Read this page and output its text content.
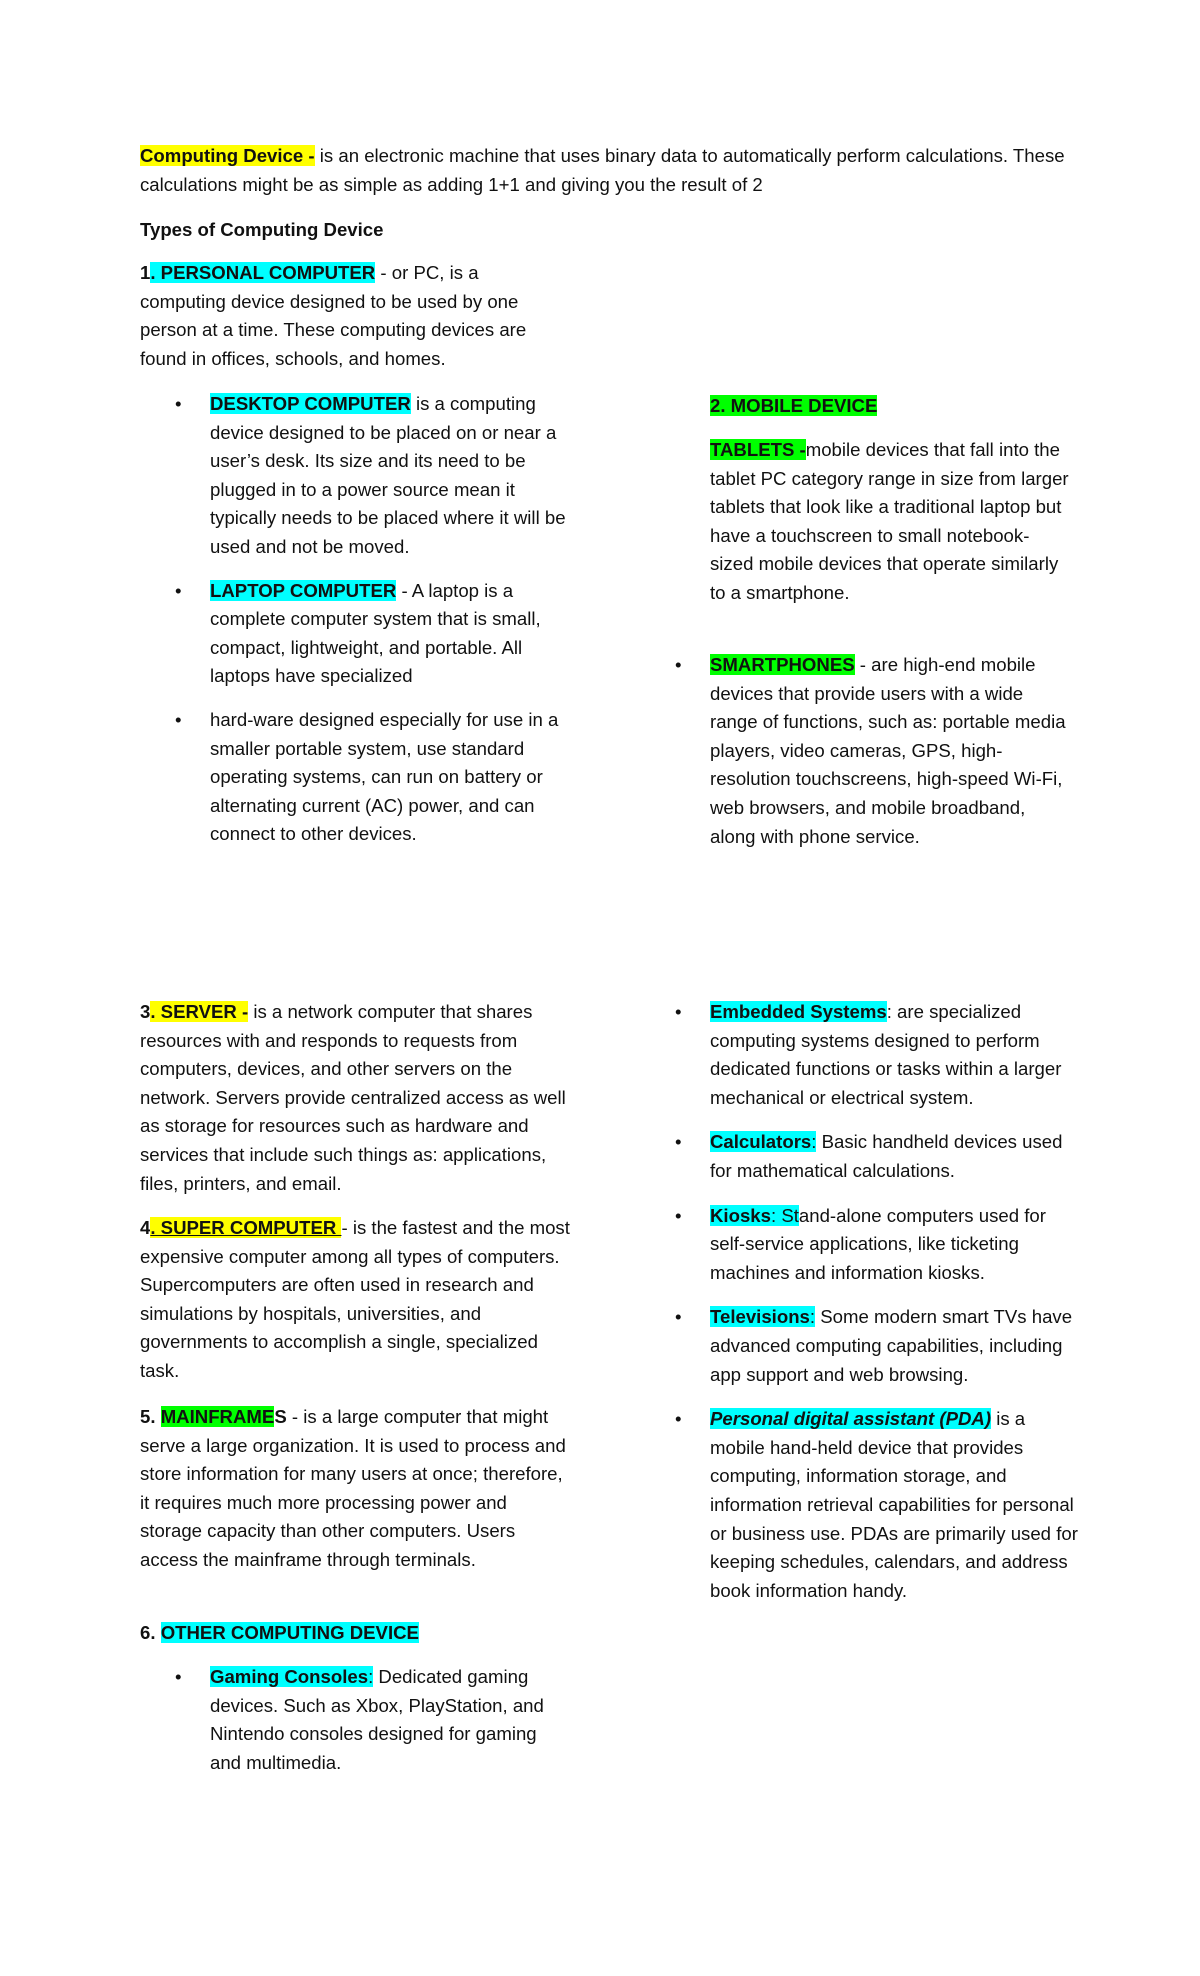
Computing Device - is an electronic machine that uses binary data to automatically perform calculations. These calculations might be as simple as adding 1+1 and giving you the result of 2

Types of Computing Device

1. PERSONAL COMPUTER - or PC, is a computing device designed to be used by one person at a time. These computing devices are found in offices, schools, and homes.

• DESKTOP COMPUTER is a computing device designed to be placed on or near a user’s desk. Its size and its need to be plugged in to a power source mean it typically needs to be placed where it will be used and not be moved.
• LAPTOP COMPUTER - A laptop is a complete computer system that is small, compact, lightweight, and portable. All laptops have specialized
• hard-ware designed especially for use in a smaller portable system, use standard operating systems, can run on battery or alternating current (AC) power, and can connect to other devices.

2. MOBILE DEVICE

TABLETS -mobile devices that fall into the tablet PC category range in size from larger tablets that look like a traditional laptop but have a touchscreen to small notebook-sized mobile devices that operate similarly to a smartphone.

• SMARTPHONES - are high-end mobile devices that provide users with a wide range of functions, such as: portable media players, video cameras, GPS, high-resolution touchscreens, high-speed Wi-Fi, web browsers, and mobile broadband, along with phone service.

3. SERVER - is a network computer that shares resources with and responds to requests from computers, devices, and other servers on the network. Servers provide centralized access as well as storage for resources such as hardware and services that include such things as: applications, files, printers, and email.

4. SUPER COMPUTER - is the fastest and the most expensive computer among all types of computers. Supercomputers are often used in research and simulations by hospitals, universities, and governments to accomplish a single, specialized task.

5. MAINFRAMES - is a large computer that might serve a large organization. It is used to process and store information for many users at once; therefore, it requires much more processing power and storage capacity than other computers. Users access the mainframe through terminals.

6. OTHER COMPUTING DEVICE

• Gaming Consoles: Dedicated gaming devices. Such as Xbox, PlayStation, and Nintendo consoles designed for gaming and multimedia.
• Embedded Systems: are specialized computing systems designed to perform dedicated functions or tasks within a larger mechanical or electrical system.
• Calculators: Basic handheld devices used for mathematical calculations.
• Kiosks: Stand-alone computers used for self-service applications, like ticketing machines and information kiosks.
• Televisions: Some modern smart TVs have advanced computing capabilities, including app support and web browsing.
• Personal digital assistant (PDA) is a mobile hand-held device that provides computing, information storage, and information retrieval capabilities for personal or business use. PDAs are primarily used for keeping schedules, calendars, and address book information handy.
